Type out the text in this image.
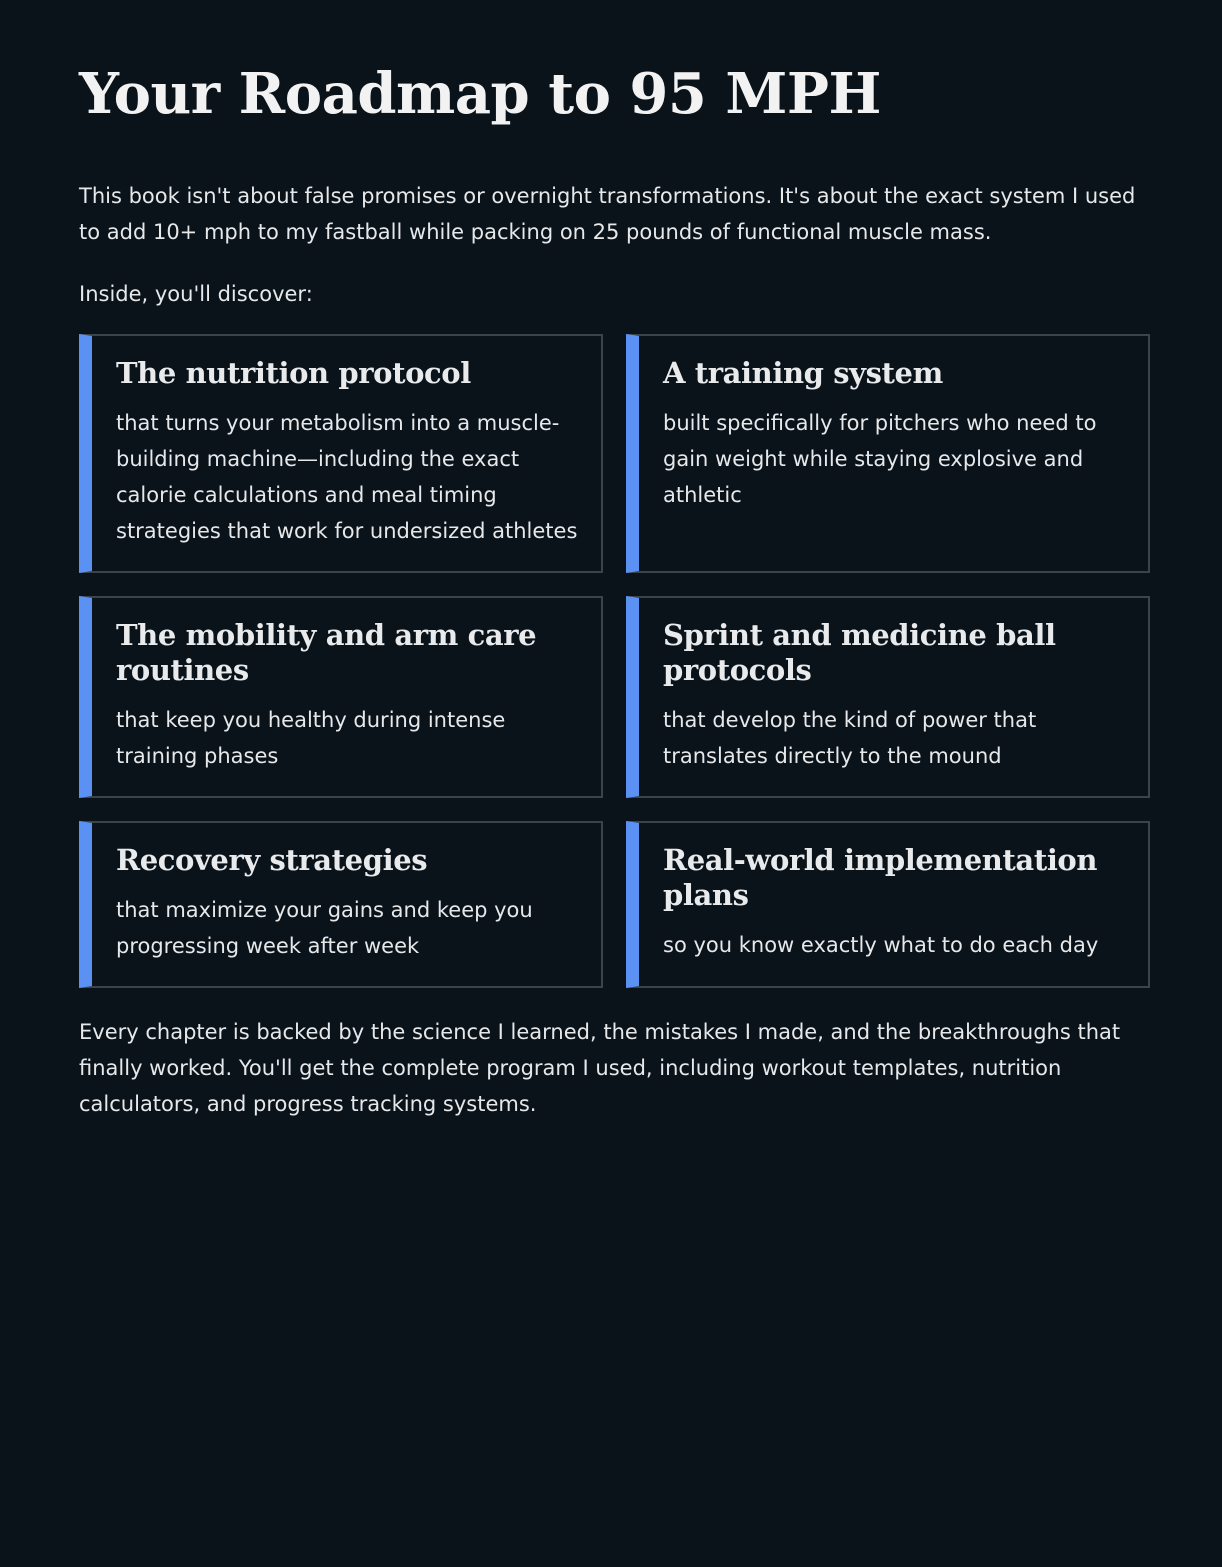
Your Roadmap to 95 MPH

This book isn't about false promises or overnight transformations. It's about the exact system I used to add 10+ mph to my fastball while packing on 25 pounds of functional muscle mass.

Inside, you'll discover:

The nutrition protocol

that turns your metabolism into a muscle-building machine—including the exact calorie calculations and meal timing strategies that work for undersized athletes

A training system

built specifically for pitchers who need to gain weight while staying explosive and athletic

The mobility and arm care routines

that keep you healthy during intense training phases

Sprint and medicine ball protocols

that develop the kind of power that translates directly to the mound

Recovery strategies

that maximize your gains and keep you progressing week after week

Real-world implementation plans

so you know exactly what to do each day

Every chapter is backed by the science I learned, the mistakes I made, and the breakthroughs that finally worked. You'll get the complete program I used, including workout templates, nutrition calculators, and progress tracking systems.
